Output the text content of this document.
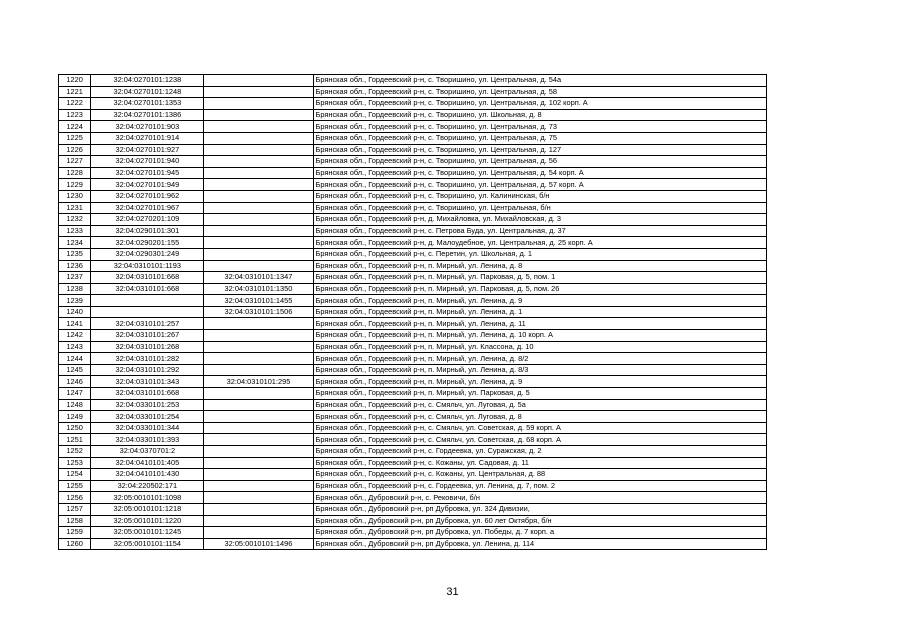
1220	32:04:0270101:1238		Брянская обл., Гордеевский р-н, с. Творишино, ул. Центральная, д. 54а
1221	32:04:0270101:1248		Брянская обл., Гордеевский р-н, с. Творишино, ул. Центральная, д. 58
1222	32:04:0270101:1353		Брянская обл., Гордеевский р-н, с. Творишино, ул. Центральная, д. 102 корп. А
1223	32:04:0270101:1386		Брянская обл., Гордеевский р-н, с. Творишино, ул. Школьная, д. 8
1224	32:04:0270101:903		Брянская обл., Гордеевский р-н, с. Творишино, ул. Центральная, д. 73
1225	32:04:0270101:914		Брянская обл., Гордеевский р-н, с. Творишино, ул. Центральная, д. 75
1226	32:04:0270101:927		Брянская обл., Гордеевский р-н, с. Творишино, ул. Центральная, д. 127
1227	32:04:0270101:940		Брянская обл., Гордеевский р-н, с. Творишино, ул. Центральная, д. 56
1228	32:04:0270101:945		Брянская обл., Гордеевский р-н, с. Творишино, ул. Центральная, д. 54 корп. А
1229	32:04:0270101:949		Брянская обл., Гордеевский р-н, с. Творишино, ул. Центральная, д. 57 корп. А
1230	32:04:0270101:962		Брянская обл., Гордеевский р-н, с. Творишино, ул. Калининская, б/н
1231	32:04:0270101:967		Брянская обл., Гордеевский р-н, с. Творишино, ул. Центральная, б/н
1232	32:04:0270201:109		Брянская обл., Гордеевский р-н, д. Михайловка, ул. Михайловская, д. 3
1233	32:04:0290101:301		Брянская обл., Гордеевский р-н, с. Петрова Буда, ул. Центральная, д. 37
1234	32:04:0290201:155		Брянская обл., Гордеевский р-н, д. Малоудебное, ул. Центральная, д. 25 корп. А
1235	32:04:0290301:249		Брянская обл., Гордеевский р-н, с. Перетин, ул. Школьная, д. 1
1236	32:04:0310101:1193		Брянская обл., Гордеевский р-н, п. Мирный, ул. Ленина, д. 8
1237	32:04:0310101:668	32:04:0310101:1347	Брянская обл., Гордеевский р-н, п. Мирный, ул. Парковая, д. 5, пом. 1
1238	32:04:0310101:668	32:04:0310101:1350	Брянская обл., Гордеевский р-н, п. Мирный, ул. Парковая, д. 5, пом. 26
1239		32:04:0310101:1455	Брянская обл., Гордеевский р-н, п. Мирный, ул. Ленина, д. 9
1240		32:04:0310101:1506	Брянская обл., Гордеевский р-н, п. Мирный, ул. Ленина, д. 1
1241	32:04:0310101:257		Брянская обл., Гордеевский р-н, п. Мирный, ул. Ленина, д. 11
1242	32:04:0310101:267		Брянская обл., Гордеевский р-н, п. Мирный, ул. Ленина, д. 10 корп. А
1243	32:04:0310101:268		Брянская обл., Гордеевский р-н, п. Мирный, ул. Классона, д. 10
1244	32:04:0310101:282		Брянская обл., Гордеевский р-н, п. Мирный, ул. Ленина, д. 8/2
1245	32:04:0310101:292		Брянская обл., Гордеевский р-н, п. Мирный, ул. Ленина, д. 8/3
1246	32:04:0310101:343	32:04:0310101:295	Брянская обл., Гордеевский р-н, п. Мирный, ул. Ленина, д. 9
1247	32:04:0310101:668		Брянская обл., Гордеевский р-н, п. Мирный, ул. Парковая, д. 5
1248	32:04:0330101:253		Брянская обл., Гордеевский р-н, с. Смяльч, ул. Луговая, д. 5а
1249	32:04:0330101:254		Брянская обл., Гордеевский р-н, с. Смяльч, ул. Луговая, д. 8
1250	32:04:0330101:344		Брянская обл., Гордеевский р-н, с. Смяльч, ул. Советская, д. 59 корп. А
1251	32:04:0330101:393		Брянская обл., Гордеевский р-н, с. Смяльч, ул. Советская, д. 68 корп. А
1252	32:04:0370701:2		Брянская обл., Гордеевский р-н, с. Гордеевка, ул. Суражская, д. 2
1253	32:04:0410101:405		Брянская обл., Гордеевский р-н, с. Кожаны, ул. Садовая, д. 11
1254	32:04:0410101:430		Брянская обл., Гордеевский р-н, с. Кожаны, ул. Центральная, д. 88
1255	32:04:220502:171		Брянская обл., Гордеевский р-н, с. Гордеевка, ул. Ленина, д. 7, пом. 2
1256	32:05:0010101:1098		Брянская обл., Дубровский р-н, с. Рековичи, б/н
1257	32:05:0010101:1218		Брянская обл., Дубровский р-н, рп Дубровка, ул. 324 Дивизии,
1258	32:05:0010101:1220		Брянская обл., Дубровский р-н, рп Дубровка, ул. 60 лет Октября, б/н
1259	32:05:0010101:1245		Брянская обл., Дубровский р-н, рп Дубровка, ул. Победы, д. 7 корп. а
1260	32:05:0010101:1154	32:05:0010101:1496	Брянская обл., Дубровский р-н, рп Дубровка, ул. Ленина, д. 114
31
